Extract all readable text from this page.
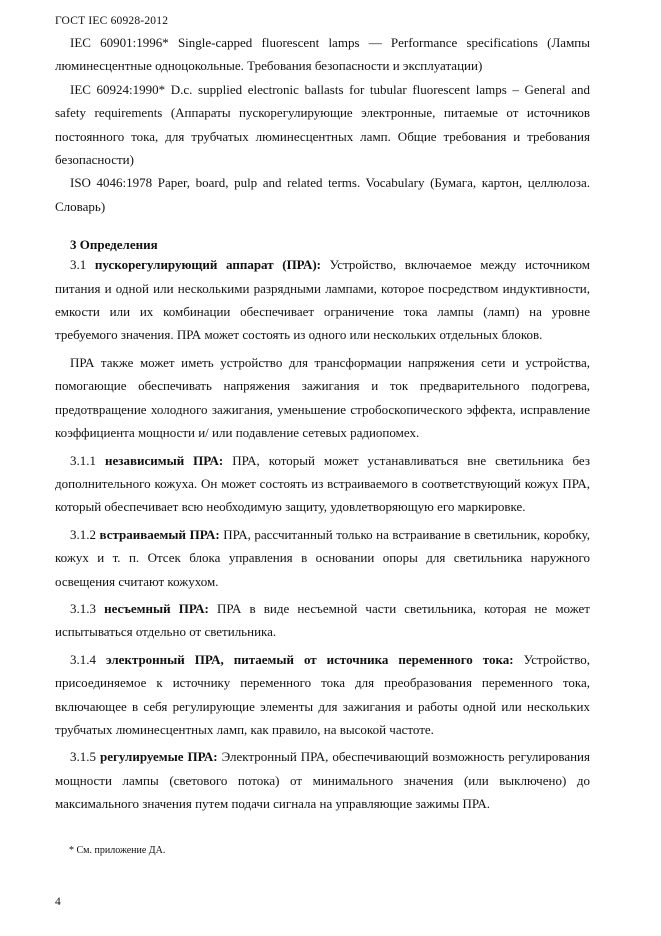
ГОСТ IEC 60928-2012

IEC 60901:1996* Single-capped fluorescent lamps — Performance specifications (Лампы люминесцентные одноцокольные. Требования безопасности и эксплуатации)

IEC 60924:1990* D.c. supplied electronic ballasts for tubular fluorescent lamps – General and safety requirements (Аппараты пускорегулирующие электронные, питаемые от источников постоянного тока, для трубчатых люминесцентных ламп. Общие требования и требования безопасности)

ISO 4046:1978 Paper, board, pulp and related terms. Vocabulary (Бумага, картон, целлюлоза. Словарь)

3 Определения

3.1 пускорегулирующий аппарат (ПРА): Устройство, включаемое между источником питания и одной или несколькими разрядными лампами, которое посредством индуктивности, емкости или их комбинации обеспечивает ограничение тока лампы (ламп) на уровне требуемого значения. ПРА может состоять из одного или нескольких отдельных блоков.

ПРА также может иметь устройство для трансформации напряжения сети и устройства, помогающие обеспечивать напряжения зажигания и ток предварительного подогрева, предотвращение холодного зажигания, уменьшение стробоскопического эффекта, исправление коэффициента мощности и/ или подавление сетевых радиопомех.

3.1.1 независимый ПРА: ПРА, который может устанавливаться вне светильника без дополнительного кожуха. Он может состоять из встраиваемого в соответствующий кожух ПРА, который обеспечивает всю необходимую защиту, удовлетворяющую его маркировке.

3.1.2 встраиваемый ПРА: ПРА, рассчитанный только на встраивание в светильник, коробку, кожух и т. п. Отсек блока управления в основании опоры для светильника наружного освещения считают кожухом.

3.1.3 несъемный ПРА: ПРА в виде несъемной части светильника, которая не может испытываться отдельно от светильника.

3.1.4 электронный ПРА, питаемый от источника переменного тока: Устройство, присоединяемое к источнику переменного тока для преобразования переменного тока, включающее в себя регулирующие элементы для зажигания и работы одной или нескольких трубчатых люминесцентных ламп, как правило, на высокой частоте.

3.1.5 регулируемые ПРА: Электронный ПРА, обеспечивающий возможность регулирования мощности лампы (светового потока) от минимального значения (или выключено) до максимального значения путем подачи сигнала на управляющие зажимы ПРА.

* См. приложение ДА.
4
